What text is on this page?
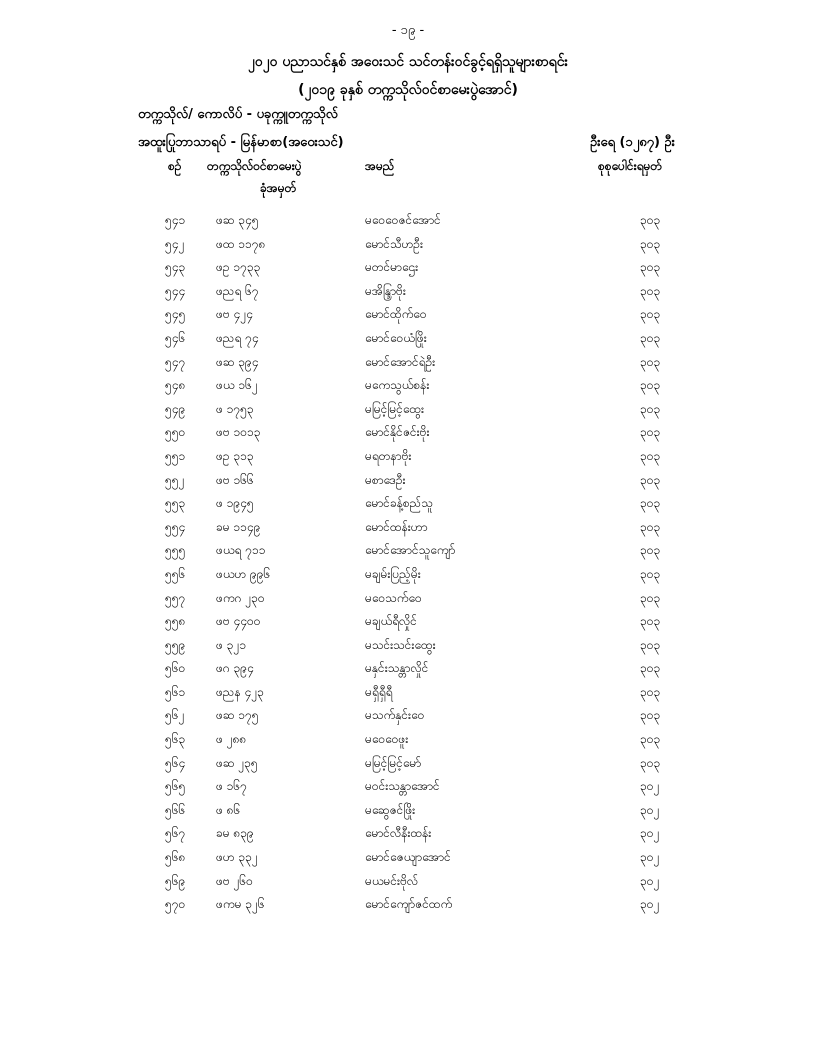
- ၁၉ -
၂၀၂၀ ပညာသင်နှစ် အဝေးသင် သင်တန်းဝင်ခွင့်ရရှိသူများစာရင်း
(၂၀၁၉ ခုနှစ် တက္ကသိုလ်ဝင်စာမေးပွဲအောင်)
တက္ကသိုလ်/ ကောလိပ် - ပခုက္ကူတက္ကသိုလ်
အထူးပြုဘာသာရပ် - မြန်မာစာ(အဝေးသင်)	ဦးရေ (၁၂၈၇) ဦး
စဉ် တက္ကသိုလ်ဝင်စာမေးပွဲ
ခုံအမှတ်
အမည်	စုစုပေါင်းရမှတ်
၅၄၁	ဖဆ ၃၄၅	မဝေဝေဇင်အောင်	၃၀၃
၅၄၂	ဖထ ၁၁၇၈	မောင်သီဟဦး	၃၀၃
၅၄၃	ဖဥ ၁၇၃၃	မတင်မာဌေး	၃၀၃
၅၄၄	ဖညရ ၆၇	မအိန္ဒြာဗိုး	၃၀၃
၅၄၅	ဖဗ ၄၂၄	မောင်ထိုက်ဝေ	၃၀၃
၅၄၆	ဖညရ ၇၄	မောင်ဝေယံဖြိုး	၃၀၃
၅၄၇	ဖဆ ၃၉၄	မောင်အောင်ရဲဦး	၃၀၃
၅၄၈	ဖယ ၁၆၂	မကေသွယ်စန်း	၃၀၃
၅၄၉	ဖ ၁၇၅၃	မမြင့်မြင့်ထွေး	၃၀၃
၅၅၀	ဖဗ ၁၀၁၃	မောင်နိုင်ဇင်းဗိုး	၃၀၃
၅၅၁	ဖဥ ၃၁၃	မရတနာဗိုး	၃၀၃
၅၅၂	ဖဗ ၁၆၆	မစာဒေဦး	၃၀၃
၅၅၃	ဖ ၁၉၄၅	မောင်ခန့်စည်သူ	၃၀၃
၅၅၄	ခမ ၁၁၄၉	မောင်ထန်းဟာ	၃၀၃
၅၅၅	ဖယရ ၇၁၁	မောင်အောင်သူကျော်	၃၀၃
၅၅၆	ဖယဟ ၉၉၆	မချမ်းပြည့်မိုး	၃၀၃
၅၅၇	ဖကဂ ၂၃၀	မဝေသက်ဝေ	၃၀၃
၅၅၈	ဖဗ ၄၄၀၀	မချယ်ရီလှိုင်	၃၀၃
၅၅၉	ဖ ၃၂၁	မသင်းသင်းထွေး	၃၀၃
၅၆၀	ဖဂ ၃၉၄	မနှင်းသန္တာလှိုင်	၃၀၃
၅၆၁	ဖညန ၄၂၃	မရှီရှီရီ	၃၀၃
၅၆၂	ဖဆ ၁၇၅	မသက်နှင်းဝေ	၃၀၃
၅၆၃	ဖ ၂၈၈	မဝေဝေဖူး	၃၀၃
၅၆၄	ဖဆ ၂၃၅	မမြင့်မြင့်မော်	၃၀၃
၅၆၅	ဖ ၁၆၇	မဝင်းသန္တာအောင်	၃၀၂
၅၆၆	ဖ ၈၆	မဆွေဇင်ဖြိုး	၃၀၂
၅၆၇	ခမ ၈၃၉	မောင်လီနီးထန်း	၃၀၂
၅၆၈	ဖဟ ၃၃၂	မောင်ဇေယျာအောင်	၃၀၂
၅၆၉	ဖဗ ၂၆၀	မယမင်းဗိုလ်	၃၀၂
၅၇၀	ဖကမ ၃၂၆	မောင်ကျော်ဇင်ထက်	၃၀၂
